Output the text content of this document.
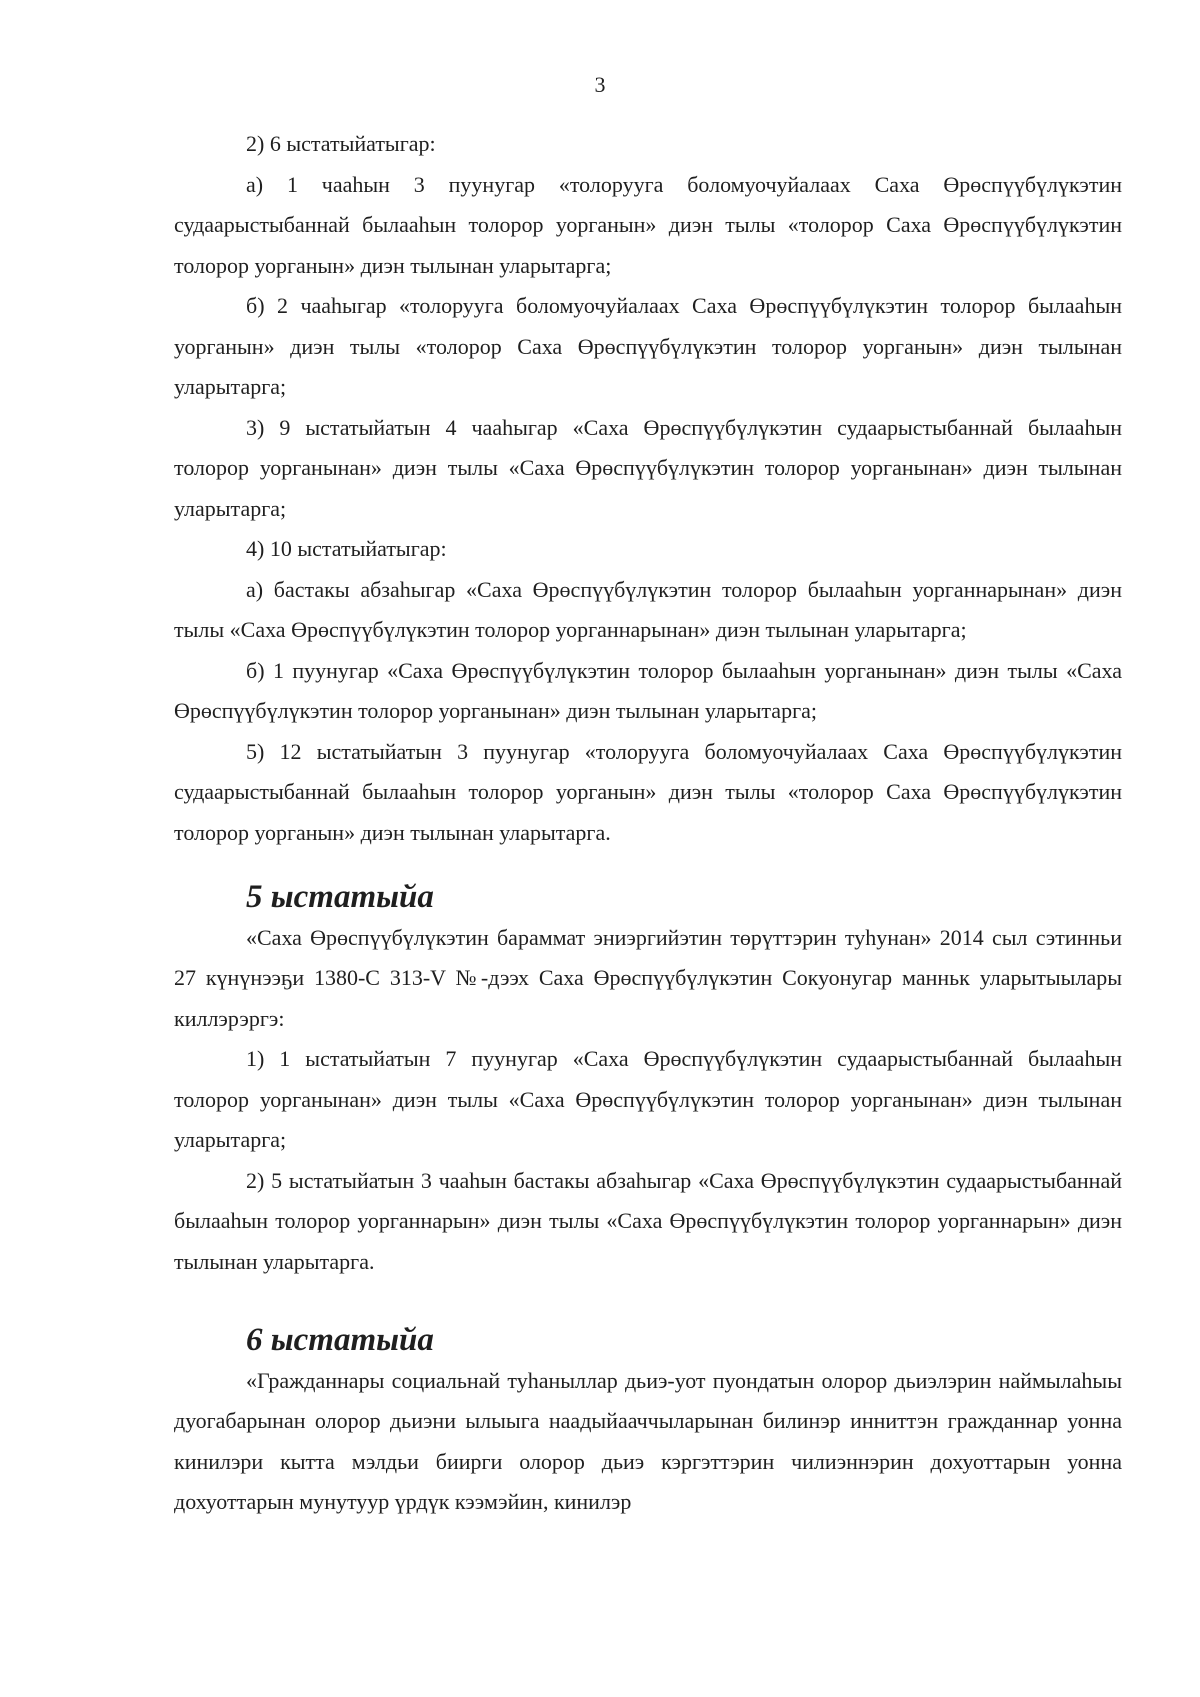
3

2) 6 ыстатыйатыгар:

а) 1 чааһын 3 пуунугар «толорууга боломуочуйалаах Саха Өрөспүүбүлүкэтин судаарыстыбаннай былааһын толорор уорганын» диэн тылы «толорор Саха Өрөспүүбүлүкэтин толорор уорганын» диэн тылынан уларытарга;

б) 2 чааһыгар «толорууга боломуочуйалаах Саха Өрөспүүбүлүкэтин толорор былааһын уорганын» диэн тылы «толорор Саха Өрөспүүбүлүкэтин толорор уорганын» диэн тылынан уларытарга;

3) 9 ыстатыйатын 4 чааһыгар «Саха Өрөспүүбүлүкэтин судаарыстыбаннай былааһын толорор уорганынан» диэн тылы «Саха Өрөспүүбүлүкэтин толорор уорганынан» диэн тылынан уларытарга;

4) 10 ыстатыйатыгар:

а) бастакы абзаһыгар «Саха Өрөспүүбүлүкэтин толорор былааһын уорганнарынан» диэн тылы «Саха Өрөспүүбүлүкэтин толорор уорганнарынан» диэн тылынан уларытарга;

б) 1 пуунугар «Саха Өрөспүүбүлүкэтин толорор былааһын уорганынан» диэн тылы «Саха Өрөспүүбүлүкэтин толорор уорганынан» диэн тылынан уларытарга;

5) 12 ыстатыйатын 3 пуунугар «толорууга боломуочуйалаах Саха Өрөспүүбүлүкэтин судаарыстыбаннай былааһын толорор уорганын» диэн тылы «толорор Саха Өрөспүүбүлүкэтин толорор уорганын» диэн тылынан уларытарга.

5 ыстатыйа

«Саха Өрөспүүбүлүкэтин бараммат эниэргийэтин төрүттэрин туһунан» 2014 сыл сэтинньи 27 күнүнээҕи 1380-С 313-V №-дээх Саха Өрөспүүбүлүкэтин Сокуонугар манньк уларытыылары киллэрэргэ:

1) 1 ыстатыйатын 7 пуунугар «Саха Өрөспүүбүлүкэтин судаарыстыбаннай былааһын толорор уорганынан» диэн тылы «Саха Өрөспүүбүлүкэтин толорор уорганынан» диэн тылынан уларытарга;

2) 5 ыстатыйатын 3 чааһын бастакы абзаһыгар «Саха Өрөспүүбүлүкэтин судаарыстыбаннай былааһын толорор уорганнарын» диэн тылы «Саха Өрөспүүбүлүкэтин толорор уорганнарын» диэн тылынан уларытарга.

6 ыстатыйа

«Гражданнары социальнай туһаныллар дьиэ-уот пуондатын олорор дьиэлэрин наймылаһыы дуогабарынан олорор дьиэни ылыыга наадыйааччыларынан билинэр инниттэн гражданнар уонна кинилэри кытта мэлдьи биирги олорор дьиэ кэргэттэрин чилиэннэрин дохуоттарын уонна дохуоттарын мунутуур үрдүк кээмэйин, кинилэр
